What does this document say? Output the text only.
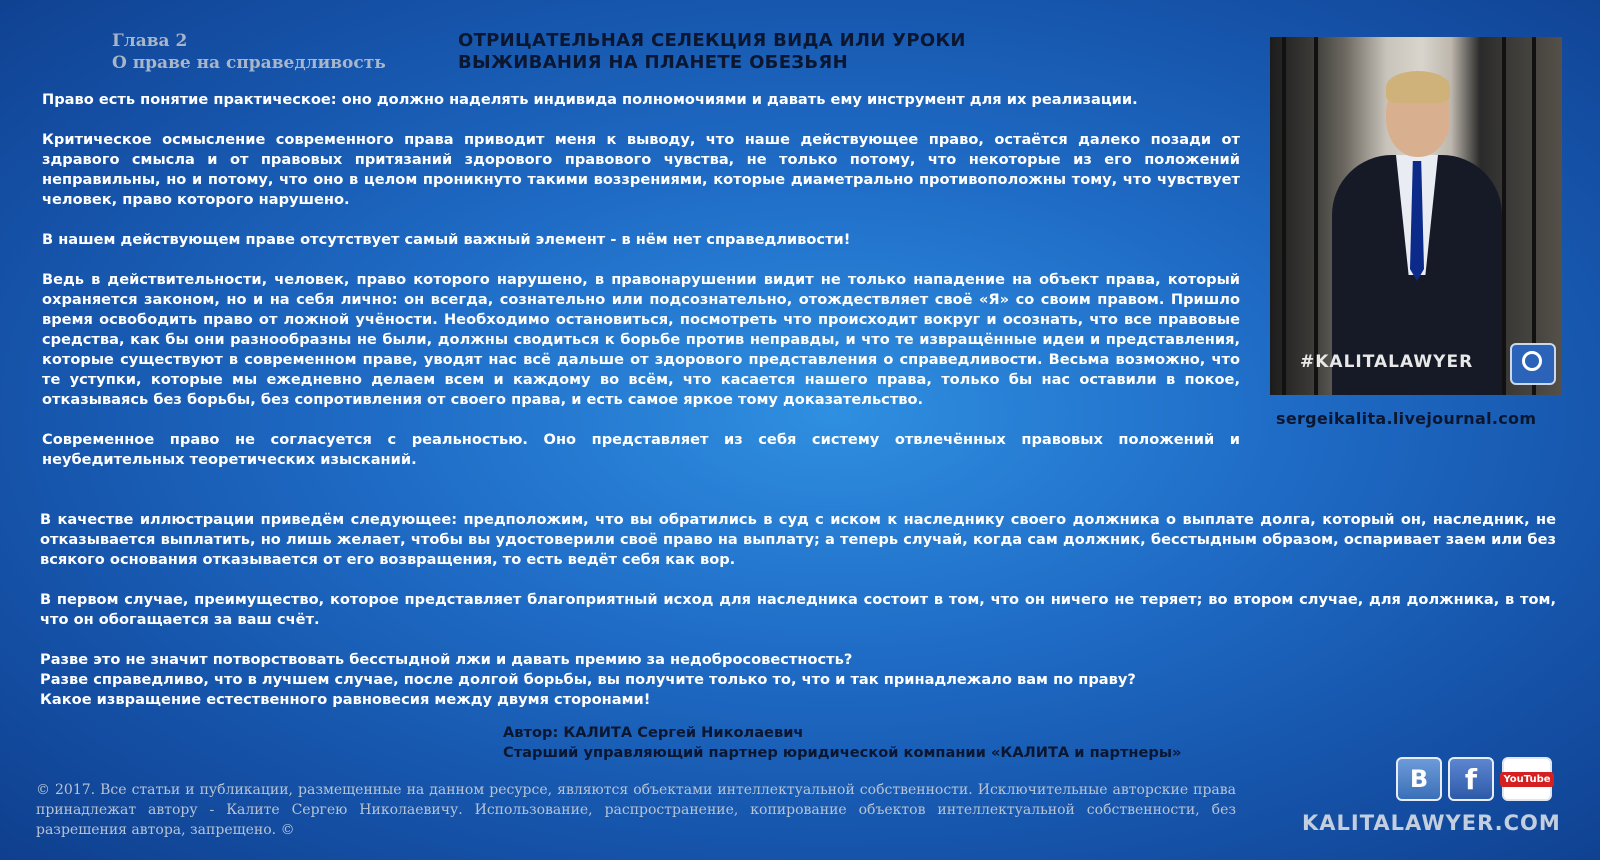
Глава 2
О праве на справедливость
ОТРИЦАТЕЛЬНАЯ СЕЛЕКЦИЯ ВИДА ИЛИ УРОКИ
ВЫЖИВАНИЯ НА ПЛАНЕТЕ ОБЕЗЬЯН

Право есть понятие практическое: оно должно наделять индивида полномочиями и давать ему инструмент для их реализации.

Критическое осмысление современного права приводит меня к выводу, что наше действующее право, остаётся далеко позади от здравого смысла и от правовых притязаний здорового правового чувства, не только потому, что некоторые из его положений неправильны, но и потому, что оно в целом проникнуто такими воззрениями, которые диаметрально противоположны тому, что чувствует человек, право которого нарушено.

В нашем действующем праве отсутствует самый важный элемент - в нём нет справедливости!

Ведь в действительности, человек, право которого нарушено, в правонарушении видит не только нападение на объект права, который охраняется законом, но и на себя лично: он всегда, сознательно или подсознательно, отождествляет своё «Я» со своим правом. Пришло время освободить право от ложной учёности. Необходимо остановиться, посмотреть что происходит вокруг и осознать, что все правовые средства, как бы они разнообразны не были, должны сводиться к борьбе против неправды, и что те извращённые идеи и представления, которые существуют в современном праве, уводят нас всё дальше от здорового представления о справедливости. Весьма возможно, что те уступки, которые мы ежедневно делаем всем и каждому во всём, что касается нашего права, только бы нас оставили в покое, отказываясь без борьбы, без сопротивления от своего права, и есть самое яркое тому доказательство.

Современное право не согласуется с реальностью. Оно представляет из себя систему отвлечённых правовых положений и неубедительных теоретических изысканий.

В качестве иллюстрации приведём следующее: предположим, что вы обратились в суд с иском к наследнику своего должника о выплате долга, который он, наследник, не отказывается выплатить, но лишь желает, чтобы вы удостоверили своё право на выплату; а теперь случай, когда сам должник, бесстыдным образом, оспаривает заем или без всякого основания отказывается от его возвращения, то есть ведёт себя как вор.

В первом случае, преимущество, которое представляет благоприятный исход для наследника состоит в том, что он ничего не теряет; во втором случае, для должника, в том, что он обогащается за ваш счёт.

Разве это не значит потворствовать бесстыдной лжи и давать премию за недобросовестность?
Разве справедливо, что в лучшем случае, после долгой борьбы, вы получите только то, что и так принадлежало вам по праву?
Какое извращение естественного равновесия между двумя сторонами!
Автор: КАЛИТА Сергей Николаевич
Старший управляющий партнер юридической компании «КАЛИТА и партнеры»
© 2017. Все статьи и публикации, размещенные на данном ресурсе, являются объектами интеллектуальной собственности. Исключительные авторские права принадлежат автору - Калите Сергею Николаевичу. Использование, распространение, копирование объектов интеллектуальной собственности, без разрешения автора, запрещено. ©
#KALITALAWYER
sergeikalita.livejournal.com
B	f	YouTube
KALITALAWYER.COM
